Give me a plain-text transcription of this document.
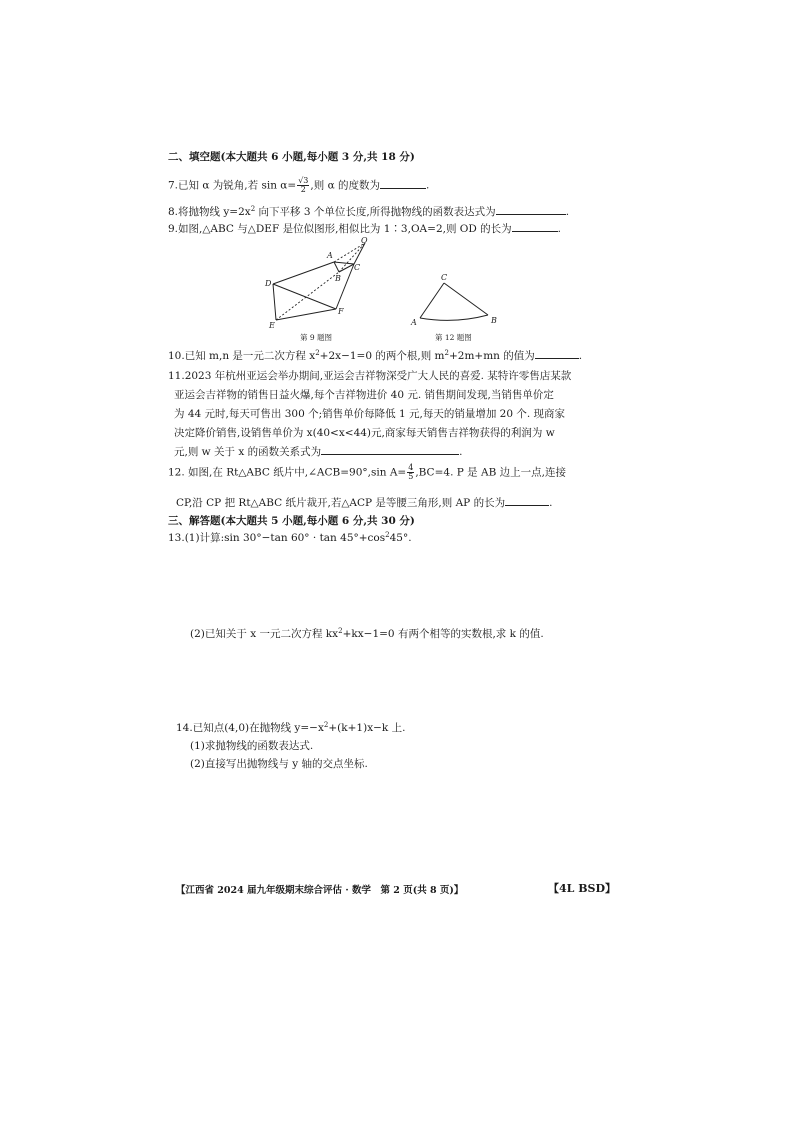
二、填空题(本大题共 6 小题,每小题 3 分,共 18 分)
7.已知 α 为锐角,若 $\sin \alpha= \frac{√3}{2}$ ,则 α 的度数为	.
8.将抛物线 $y=2x^2$ 向下平移 3 个单位长度,所得抛物线的函数表达式为	.
9.如图,△ABC 与△DEF 是位似图形,相似比为 1∶3,OA=2,则 OD 的长为	.
O
A
B
C
D
E
F
第 9 题图
C
A	B
第 12 题图
10.已知 m,n 是一元二次方程 $x^2+2x-1=0$ 的两个根,则 $m^2+2m+mn$ 的值为	.
11.2023 年杭州亚运会举办期间,亚运会吉祥物深受广大人民的喜爱. 某特许零售店某款
亚运会吉祥物的销售日益火爆,每个吉祥物进价 40 元. 销售期间发现,当销售单价定
为 44 元时,每天可售出 300 个;销售单价每降低 1 元,每天的销量增加 20 个. 现商家
决定降价销售,设销售单价为 x(40<x<44)元,商家每天销售吉祥物获得的利润为 w
元,则 w 关于 x 的函数关系式为	.
12. 如图,在 Rt△ABC 纸片中,∠ACB=90°,sin $A= \frac{4}{5} ,BC=4$. P 是 AB 边上一点,连接
CP,沿 CP 把 Rt△ABC 纸片裁开,若△ACP 是等腰三角形,则 AP 的长为	.
三、解答题(本大题共 5 小题,每小题 6 分,共 30 分)
13.(1)计算:sin 30°−tan $60^\circ \cdot \tan 45^\circ+\cos^245^\circ$.
(2)已知关于 x 一元二次方程 $kx^2+kx-1=0$ 有两个相等的实数根,求 k 的值.
14.已知点(4,0)在抛物线 $y=-x^2+(k+1)x-k$ 上.
(1)求抛物线的函数表达式.
(2)直接写出抛物线与 y 轴的交点坐标.
【江西省 2024 届九年级期末综合评估 · 数学　第 2 页(共 8 页)】	【4L BSD】
